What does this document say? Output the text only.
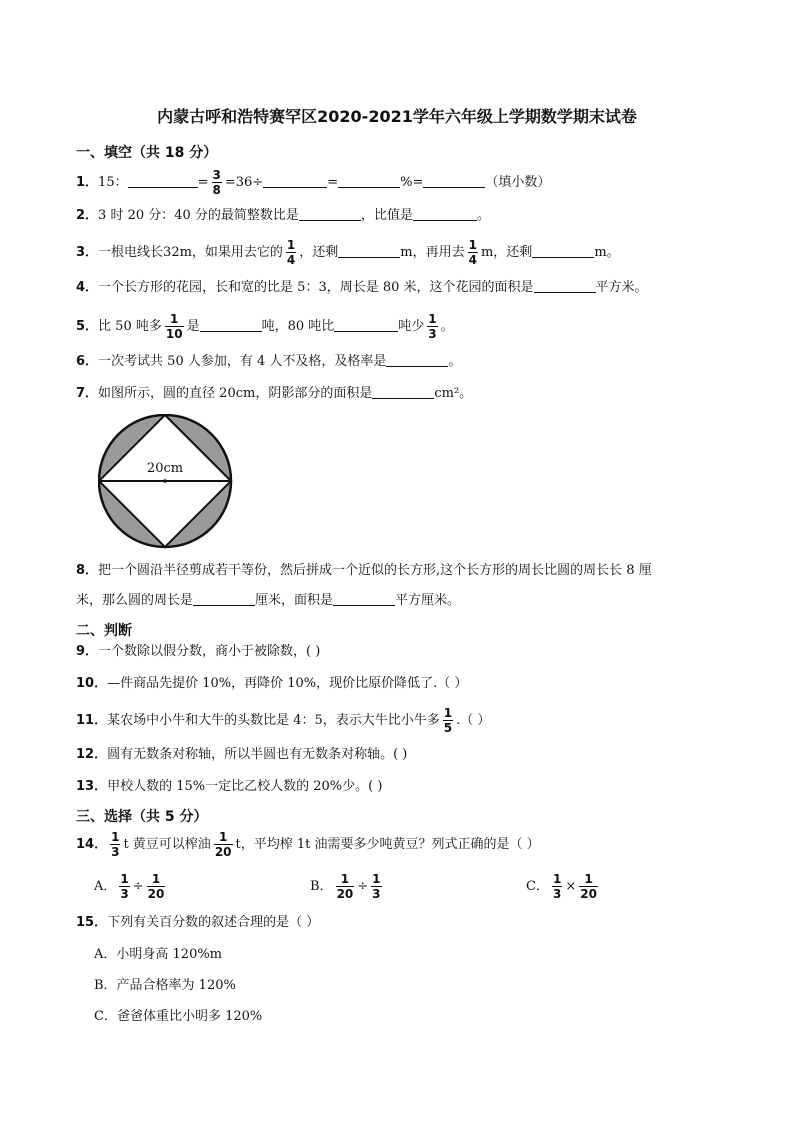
内蒙古呼和浩特赛罕区2020-2021学年六年级上学期数学期末试卷
一、填空（共 18 分）
1．15：	= $\frac{3}{8} =36\div$	=	%=	（填小数）
2．3 时 20 分：40 分的最简整数比是	，比值是	。
3．一根电线长32m，如果用去它的 $\frac{1}{4}$ ，还剩	m，再用去 $\frac{1}{4}$ m，还剩	m。
4．一个长方形的花园，长和宽的比是 5：3，周长是 80 米，这个花园的面积是	平方米。
5．比 50 吨多 $\frac{1}{10}$ 是	吨，80 吨比	吨少 $\frac{1}{3}$ 。
6．一次考试共 50 人参加，有 4 人不及格，及格率是	。
7．如图所示，圆的直径 20cm，阴影部分的面积是	cm²。
20cm
8．把一个圆沿半径剪成若干等份，然后拼成一个近似的长方形,这个长方形的周长比圆的周长长 8 厘
米，那么圆的周长是	厘米，面积是	平方厘米。
二、判断
9．一个数除以假分数，商小于被除数，( )
10．—件商品先提价 10%，再降价 10%，现价比原价降低了.（ ）
11．某农场中小牛和大牛的头数比是 4：5，表示大牛比小牛多 $\frac{1}{5}$ .（ ）
12．圆有无数条对称轴，所以半圆也有无数条对称轴。( )
13．甲校人数的 15%一定比乙校人数的 20%少。( )
三、选择（共 5 分）
14． $\frac{1}{3}$ t 黄豆可以榨油 $\frac{1}{20}$ t，平均榨 1t 油需要多少吨黄豆？列式正确的是（ ）
A． $\frac{1}{3} \div \frac{1}{20}$	B． $\frac{1}{20} \div \frac{1}{3}$	C． $\frac{1}{3} \times \frac{1}{20}$
15．下列有关百分数的叙述合理的是（ ）
A．小明身高 120%m
B．产品合格率为 120%
C．爸爸体重比小明多 120%
